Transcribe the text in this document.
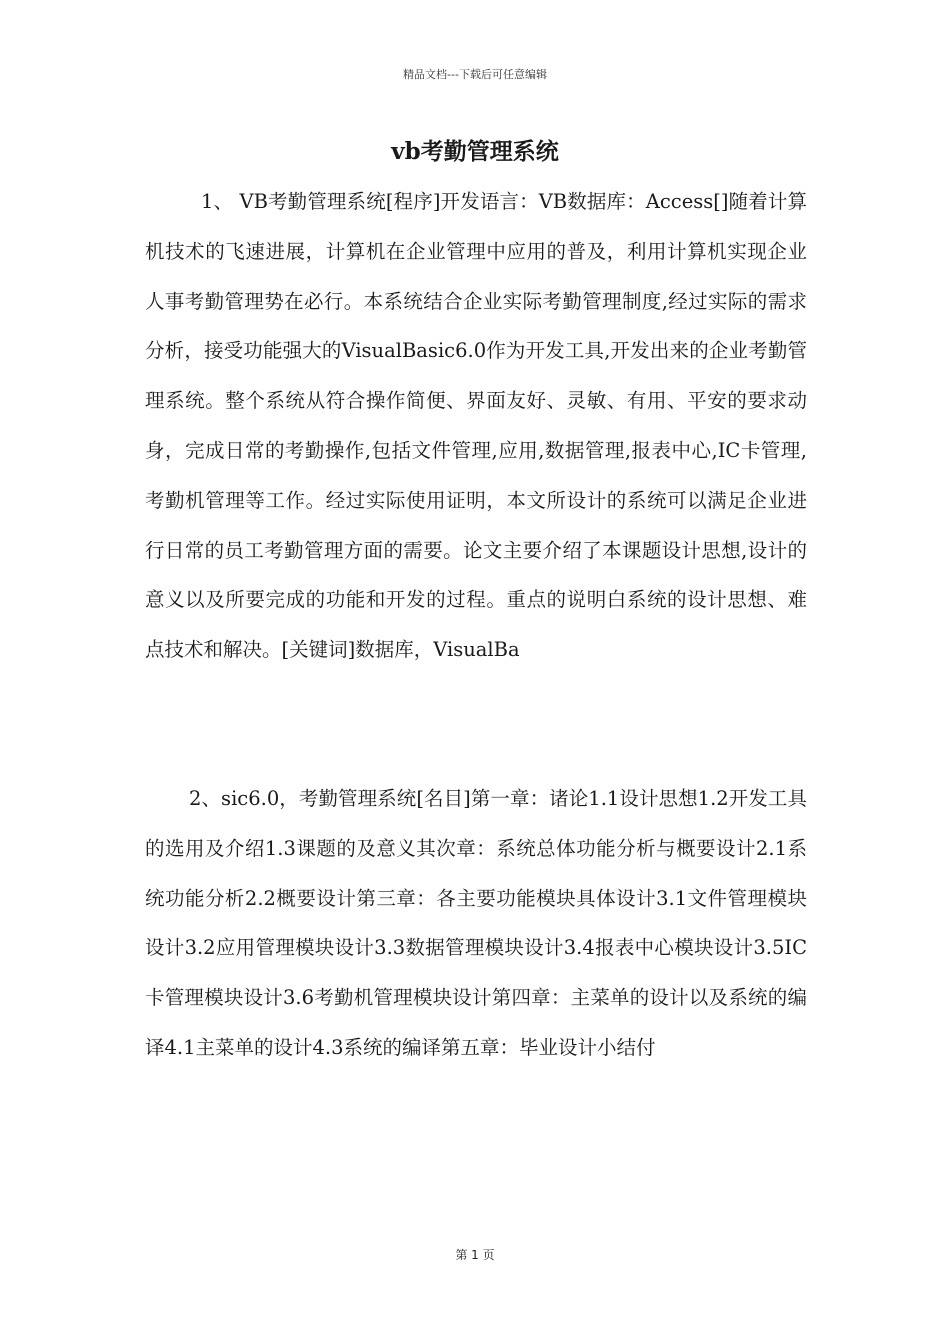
精品文档---下载后可任意编辑
vb考勤管理系统

1、 VB考勤管理系统[程序]开发语言：VB数据库：Access[]随着计算机技术的飞速进展，计算机在企业管理中应用的普及，利用计算机实现企业人事考勤管理势在必行。本系统结合企业实际考勤管理制度,经过实际的需求分析，接受功能强大的VisualBasic6.0作为开发工具,开发出来的企业考勤管理系统。整个系统从符合操作简便、界面友好、灵敏、有用、平安的要求动身，完成日常的考勤操作,包括文件管理,应用,数据管理,报表中心,IC卡管理,考勤机管理等工作。经过实际使用证明，本文所设计的系统可以满足企业进行日常的员工考勤管理方面的需要。论文主要介绍了本课题设计思想,设计的意义以及所要完成的功能和开发的过程。重点的说明白系统的设计思想、难点技术和解决。[关键词]数据库，VisualBa

2、sic6.0，考勤管理系统[名目]第一章：诸论1.1设计思想1.2开发工具的选用及介绍1.3课题的及意义其次章：系统总体功能分析与概要设计2.1系统功能分析2.2概要设计第三章：各主要功能模块具体设计3.1文件管理模块设计3.2应用管理模块设计3.3数据管理模块设计3.4报表中心模块设计3.5IC卡管理模块设计3.6考勤机管理模块设计第四章：主菜单的设计以及系统的编译4.1主菜单的设计4.3系统的编译第五章：毕业设计小结付

第 1 页
